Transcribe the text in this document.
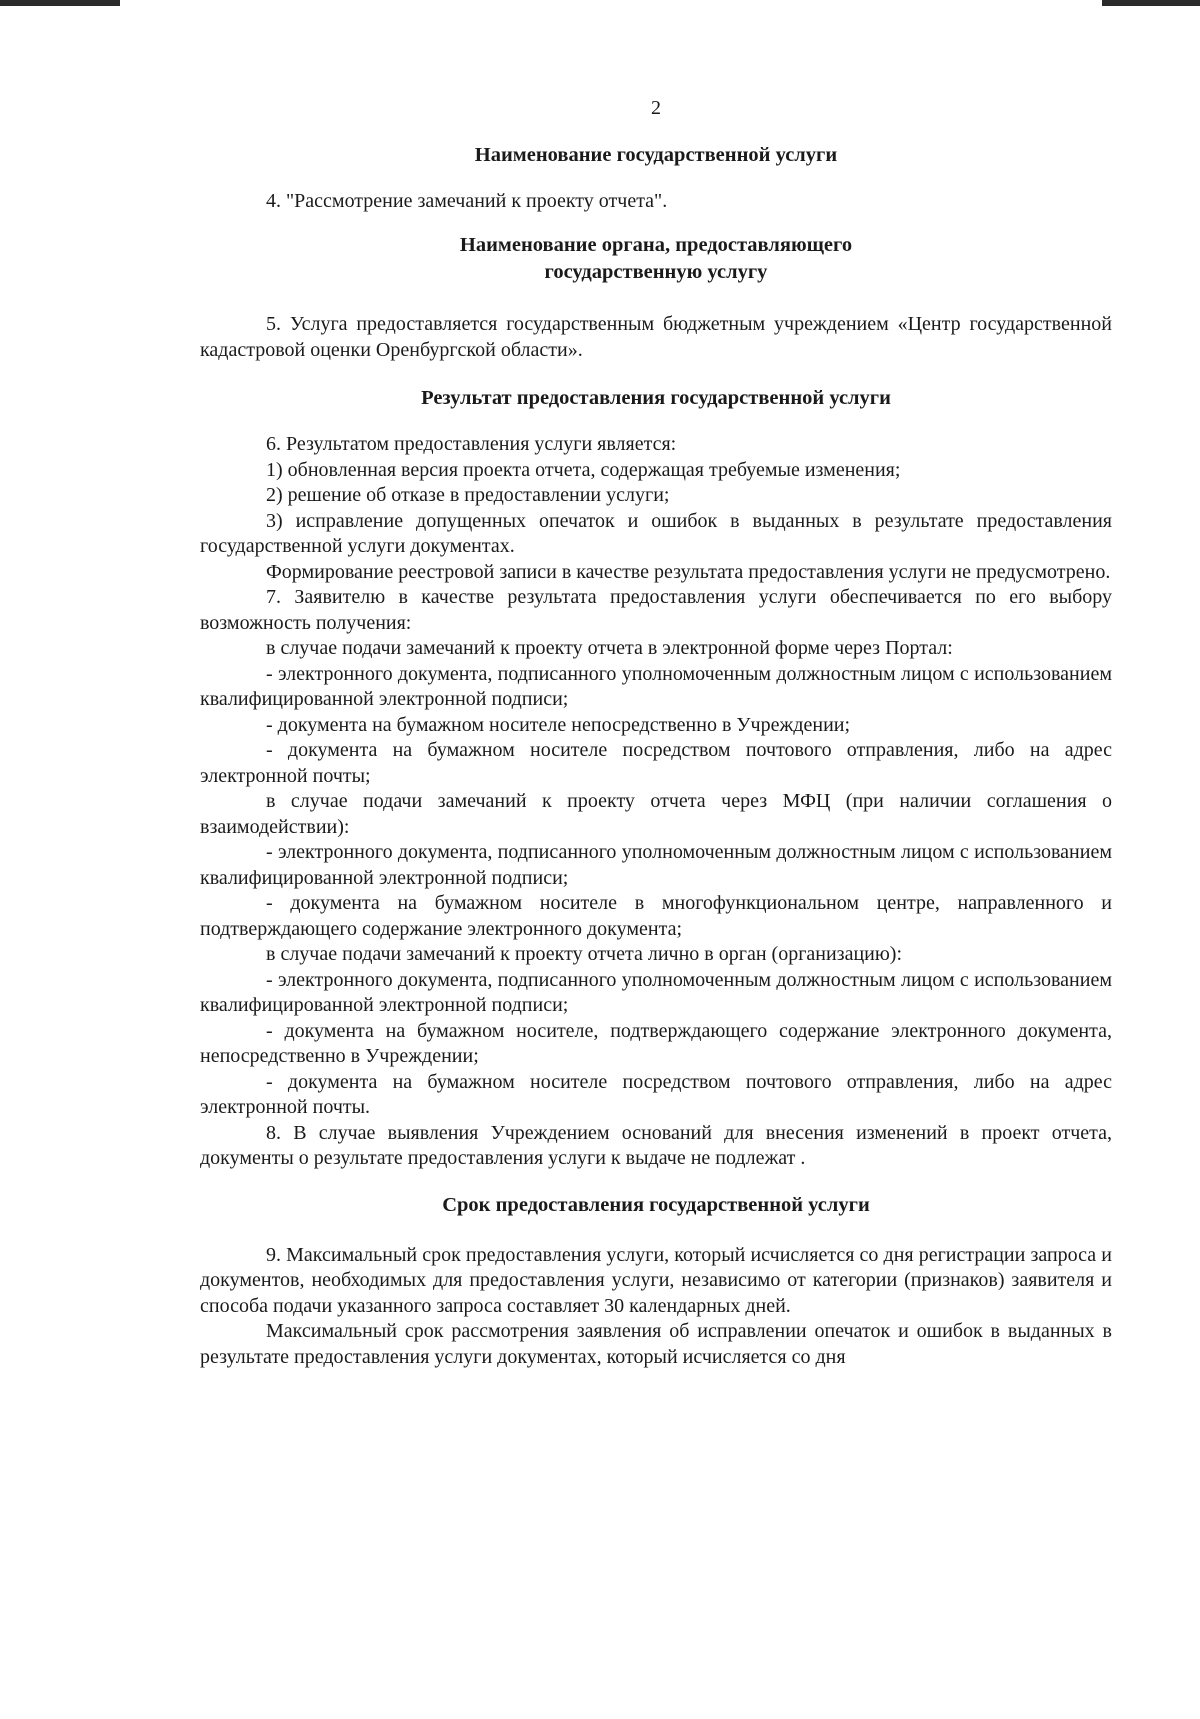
2
Наименование государственной услуги

4. "Рассмотрение замечаний к проекту отчета".

Наименование органа, предоставляющего
государственную услугу

5. Услуга предоставляется государственным бюджетным учреждением «Центр государственной кадастровой оценки Оренбургской области».

Результат предоставления государственной услуги

6. Результатом предоставления услуги является:

1) обновленная версия проекта отчета, содержащая требуемые изменения;

2) решение об отказе в предоставлении услуги;

3) исправление допущенных опечаток и ошибок в выданных в результате предоставления государственной услуги документах.

Формирование реестровой записи в качестве результата предоставления услуги не предусмотрено.

7. Заявителю в качестве результата предоставления услуги обеспечивается по его выбору возможность получения:

в случае подачи замечаний к проекту отчета в электронной форме через Портал:

- электронного документа, подписанного уполномоченным должностным лицом с использованием квалифицированной электронной подписи;

- документа на бумажном носителе непосредственно в Учреждении;

- документа на бумажном носителе посредством почтового отправления, либо на адрес электронной почты;

в случае подачи замечаний к проекту отчета через МФЦ (при наличии соглашения о взаимодействии):

- электронного документа, подписанного уполномоченным должностным лицом с использованием квалифицированной электронной подписи;

- документа на бумажном носителе в многофункциональном центре, направленного и подтверждающего содержание электронного документа;

в случае подачи замечаний к проекту отчета лично в орган (организацию):

- электронного документа, подписанного уполномоченным должностным лицом с использованием квалифицированной электронной подписи;

- документа на бумажном носителе, подтверждающего содержание электронного документа, непосредственно в Учреждении;

- документа на бумажном носителе посредством почтового отправления, либо на адрес электронной почты.

8. В случае выявления Учреждением оснований для внесения изменений в проект отчета, документы о результате предоставления услуги к выдаче не подлежат .

Срок предоставления государственной услуги

9. Максимальный срок предоставления услуги, который исчисляется со дня регистрации запроса и документов, необходимых для предоставления услуги, независимо от категории (признаков) заявителя и способа подачи указанного запроса составляет 30 календарных дней.

Максимальный срок рассмотрения заявления об исправлении опечаток и ошибок в выданных в результате предоставления услуги документах, который исчисляется со дня
